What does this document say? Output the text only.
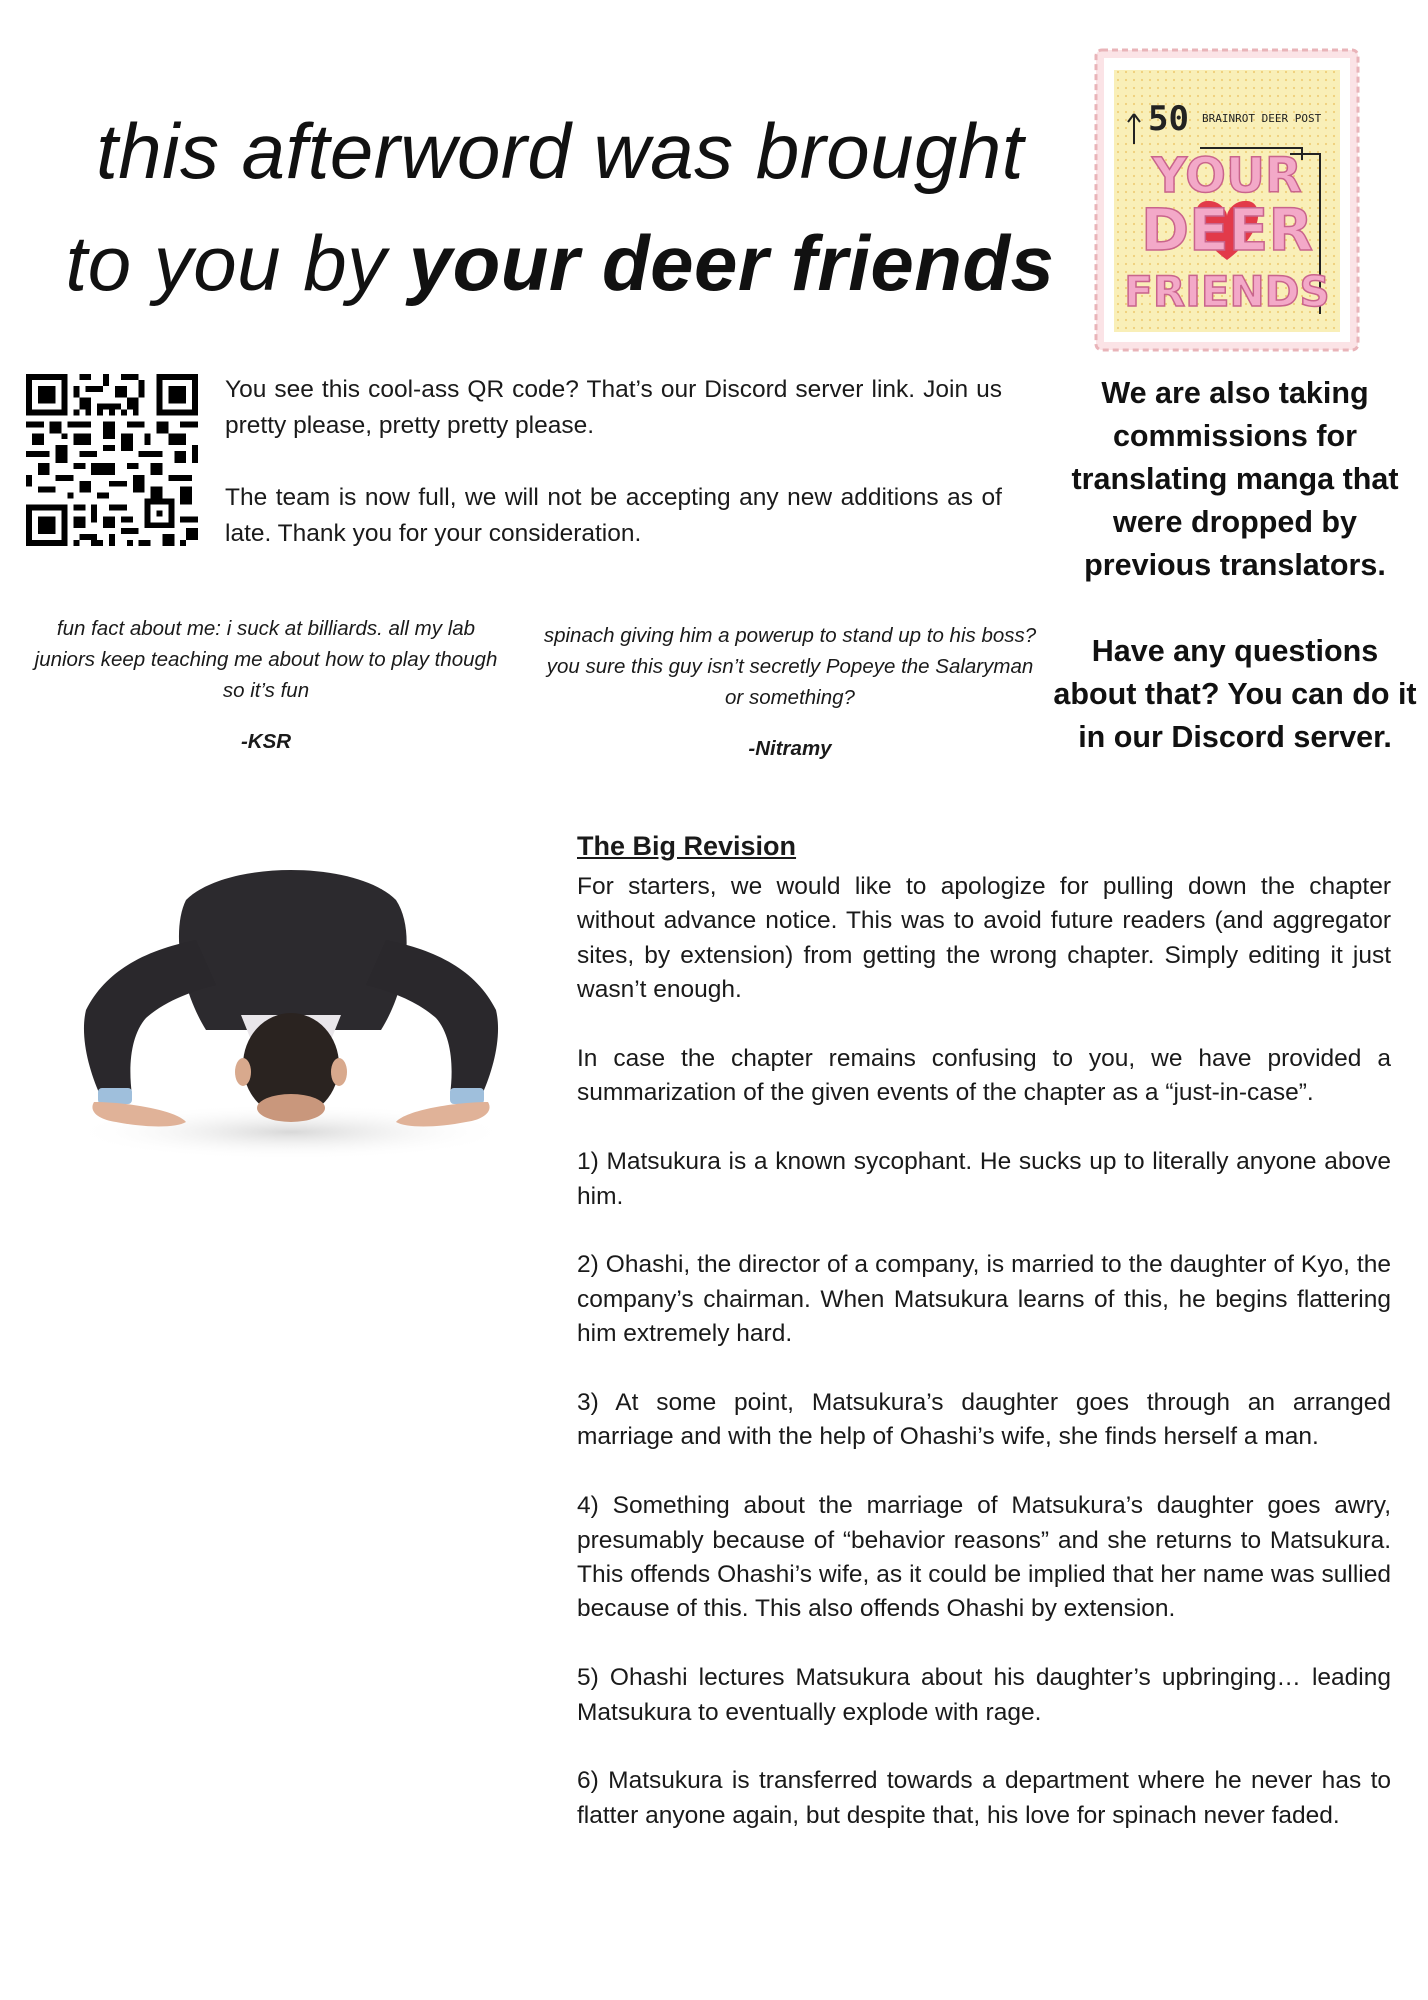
this afterword was brought
to you by your deer friends
50 BRAINROT DEER POST
YOUR
DEER
FRIENDS

You see this cool-ass QR code? That’s our Discord server link. Join us pretty please, pretty pretty please.

The team is now full, we will not be accepting any new additions as of late. Thank you for your consideration.

We are also taking commissions for translating manga that were dropped by previous translators.

Have any questions about that? You can do it in our Discord server.

fun fact about me: i suck at billiards. all my lab juniors keep teaching me about how to play though so it’s fun
-KSR
spinach giving him a powerup to stand up to his boss? you sure this guy isn’t secretly Popeye the Salaryman or something?
-Nitramy
The Big Revision

For starters, we would like to apologize for pulling down the chapter without advance notice. This was to avoid future readers (and aggregator sites, by extension) from getting the wrong chapter. Simply editing it just wasn’t enough.

In case the chapter remains confusing to you, we have provided a summarization of the given events of the chapter as a “just-in-case”.

1) Matsukura is a known sycophant. He sucks up to literally anyone above him.

2) Ohashi, the director of a company, is married to the daughter of Kyo, the company’s chairman. When Matsukura learns of this, he begins flattering him extremely hard.

3) At some point, Matsukura’s daughter goes through an arranged marriage and with the help of Ohashi’s wife, she finds herself a man.

4) Something about the marriage of Matsukura’s daughter goes awry, presumably because of “behavior reasons” and she returns to Matsukura. This offends Ohashi’s wife, as it could be implied that her name was sullied because of this. This also offends Ohashi by extension.

5) Ohashi lectures Matsukura about his daughter’s upbringing… leading Matsukura to eventually explode with rage.

6) Matsukura is transferred towards a department where he never has to flatter anyone again, but despite that, his love for spinach never faded.
